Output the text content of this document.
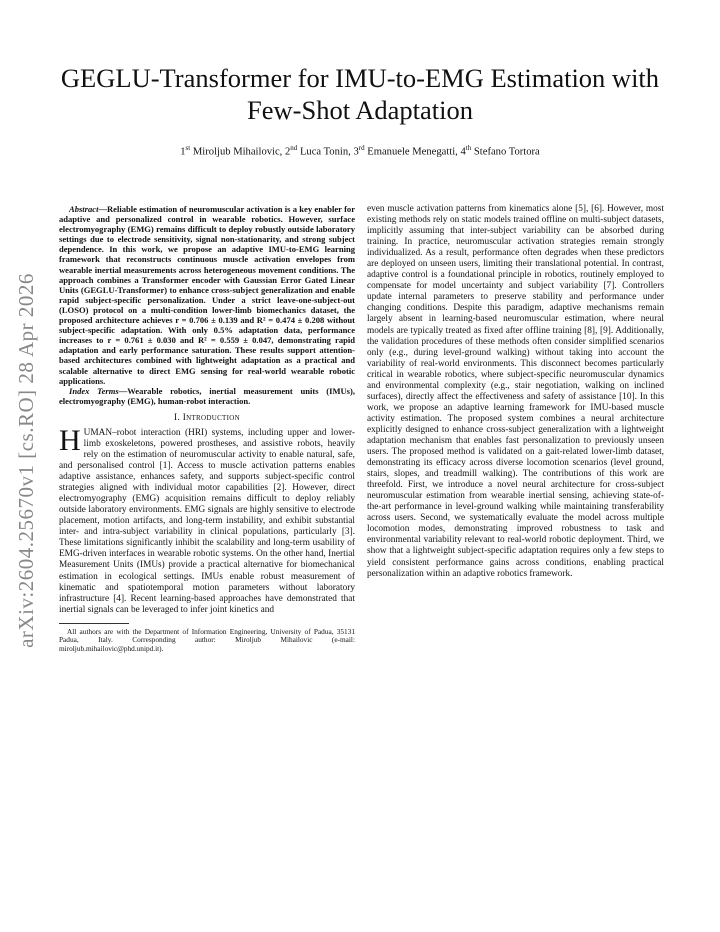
arXiv:2604.25670v1 [cs.RO] 28 Apr 2026
GEGLU-Transformer for IMU-to-EMG Estimation with Few-Shot Adaptation
1st Miroljub Mihailovic, 2nd Luca Tonin, 3rd Emanuele Menegatti, 4th Stefano Tortora

Abstract—Reliable estimation of neuromuscular activation is a key enabler for adaptive and personalized control in wearable robotics. However, surface electromyography (EMG) remains difficult to deploy robustly outside laboratory settings due to electrode sensitivity, signal non-stationarity, and strong subject dependence. In this work, we propose an adaptive IMU-to-EMG learning framework that reconstructs continuous muscle activation envelopes from wearable inertial measurements across heterogeneous movement conditions. The approach combines a Transformer encoder with Gaussian Error Gated Linear Units (GEGLU-Transformer) to enhance cross-subject generalization and enable rapid subject-specific personalization. Under a strict leave-one-subject-out (LOSO) protocol on a multi-condition lower-limb biomechanics dataset, the proposed architecture achieves r = 0.706 ± 0.139 and R² = 0.474 ± 0.208 without subject-specific adaptation. With only 0.5% adaptation data, performance increases to r = 0.761 ± 0.030 and R² = 0.559 ± 0.047, demonstrating rapid adaptation and early performance saturation. These results support attention-based architectures combined with lightweight adaptation as a practical and scalable alternative to direct EMG sensing for real-world wearable robotic applications.

Index Terms—Wearable robotics, inertial measurement units (IMUs), electromyography (EMG), human-robot interaction.

I. Introduction

HUMAN–robot interaction (HRI) systems, including upper and lower-limb exoskeletons, powered prostheses, and assistive robots, heavily rely on the estimation of neuromuscular activity to enable natural, safe, and personalised control [1]. Access to muscle activation patterns enables adaptive assistance, enhances safety, and supports subject-specific control strategies aligned with individual motor capabilities [2]. However, direct electromyography (EMG) acquisition remains difficult to deploy reliably outside laboratory environments. EMG signals are highly sensitive to electrode placement, motion artifacts, and long-term instability, and exhibit substantial inter- and intra-subject variability in clinical populations, particularly [3]. These limitations significantly inhibit the scalability and long-term usability of EMG-driven interfaces in wearable robotic systems. On the other hand, Inertial Measurement Units (IMUs) provide a practical alternative for biomechanical estimation in ecological settings. IMUs enable robust measurement of kinematic and spatiotemporal motion parameters without laboratory infrastructure [4]. Recent learning-based approaches have demonstrated that inertial signals can be leveraged to infer joint kinetics and

All authors are with the Department of Information Engineering, University of Padua, 35131 Padua, Italy. Corresponding author: Miroljub Mihailovic (e-mail: miroljub.mihailovic@phd.unipd.it).

even muscle activation patterns from kinematics alone [5], [6]. However, most existing methods rely on static models trained offline on multi-subject datasets, implicitly assuming that inter-subject variability can be absorbed during training. In practice, neuromuscular activation strategies remain strongly individualized. As a result, performance often degrades when these predictors are deployed on unseen users, limiting their translational potential. In contrast, adaptive control is a foundational principle in robotics, routinely employed to compensate for model uncertainty and subject variability [7]. Controllers update internal parameters to preserve stability and performance under changing conditions. Despite this paradigm, adaptive mechanisms remain largely absent in learning-based neuromuscular estimation, where neural models are typically treated as fixed after offline training [8], [9]. Additionally, the validation procedures of these methods often consider simplified scenarios only (e.g., during level-ground walking) without taking into account the variability of real-world environments. This disconnect becomes particularly critical in wearable robotics, where subject-specific neuromuscular dynamics and environmental complexity (e.g., stair negotiation, walking on inclined surfaces), directly affect the effectiveness and safety of assistance [10]. In this work, we propose an adaptive learning framework for IMU-based muscle activity estimation. The proposed system combines a neural architecture explicitly designed to enhance cross-subject generalization with a lightweight adaptation mechanism that enables fast personalization to previously unseen users. The proposed method is validated on a gait-related lower-limb dataset, demonstrating its efficacy across diverse locomotion scenarios (level ground, stairs, slopes, and treadmill walking). The contributions of this work are threefold. First, we introduce a novel neural architecture for cross-subject neuromuscular estimation from wearable inertial sensing, achieving state-of-the-art performance in level-ground walking while maintaining transferability across users. Second, we systematically evaluate the model across multiple locomotion modes, demonstrating improved robustness to task and environmental variability relevant to real-world robotic deployment. Third, we show that a lightweight subject-specific adaptation requires only a few steps to yield consistent performance gains across conditions, enabling practical personalization within an adaptive robotics framework.
